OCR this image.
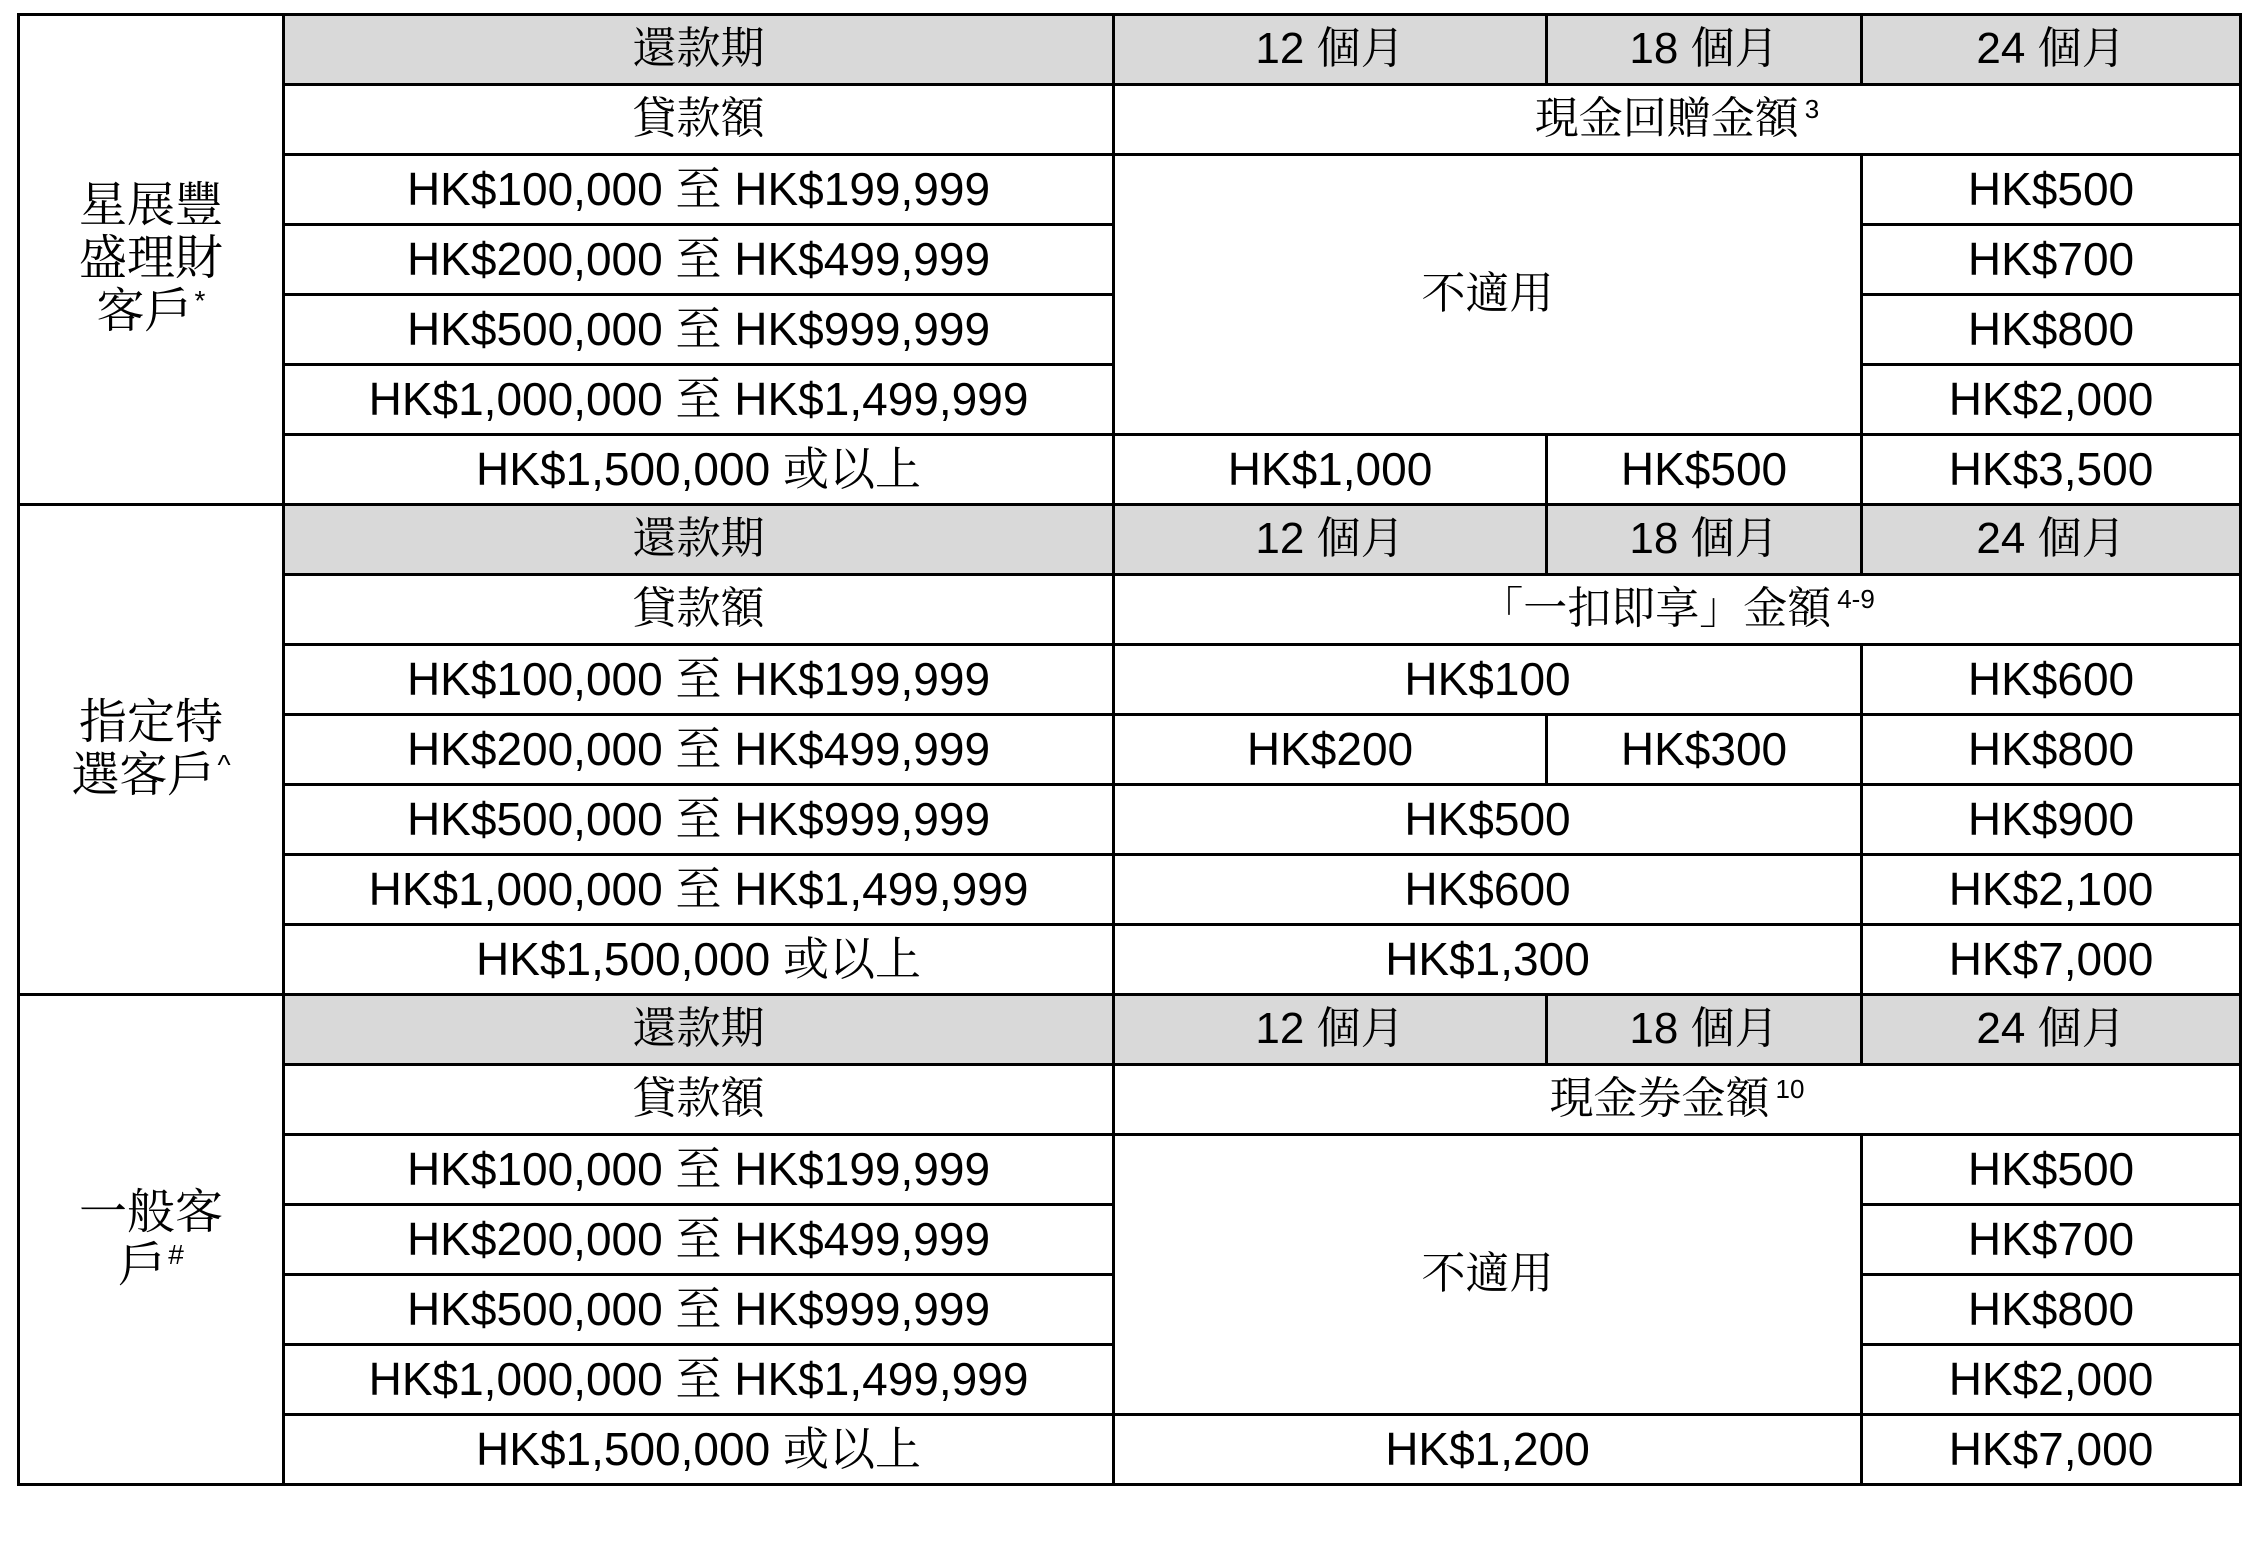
星展豐盛理財客戶*	還款期	12 個月	18 個月	24 個月
	貸款額	現金回贈金額 $^3$
	HK$100,000 至 HK$199,999	不適用		HK$500
	HK$200,000 至 HK$499,999			HK$700
	HK$500,000 至 HK$999,999			HK$800
	HK$1,000,000 至 HK$1,499,999			HK$2,000
	HK$1,500,000 或以上	HK$1,000	HK$500	HK$3,500
指定特選客戶^	還款期	12 個月	18 個月	24 個月
	貸款額	「一扣即享」金額 $^{4-9}$
	HK$100,000 至 HK$199,999	HK$100		HK$600
	HK$200,000 至 HK$499,999	HK$200	HK$300	HK$800
	HK$500,000 至 HK$999,999	HK$500		HK$900
	HK$1,000,000 至 HK$1,499,999	HK$600		HK$2,100
	HK$1,500,000 或以上	HK$1,300		HK$7,000
一般客戶#	還款期	12 個月	18 個月	24 個月
	貸款額	現金券金額 $^{10}$
	HK$100,000 至 HK$199,999	不適用		HK$500
	HK$200,000 至 HK$499,999			HK$700
	HK$500,000 至 HK$999,999			HK$800
	HK$1,000,000 至 HK$1,499,999			HK$2,000
	HK$1,500,000 或以上	HK$1,200		HK$7,000
